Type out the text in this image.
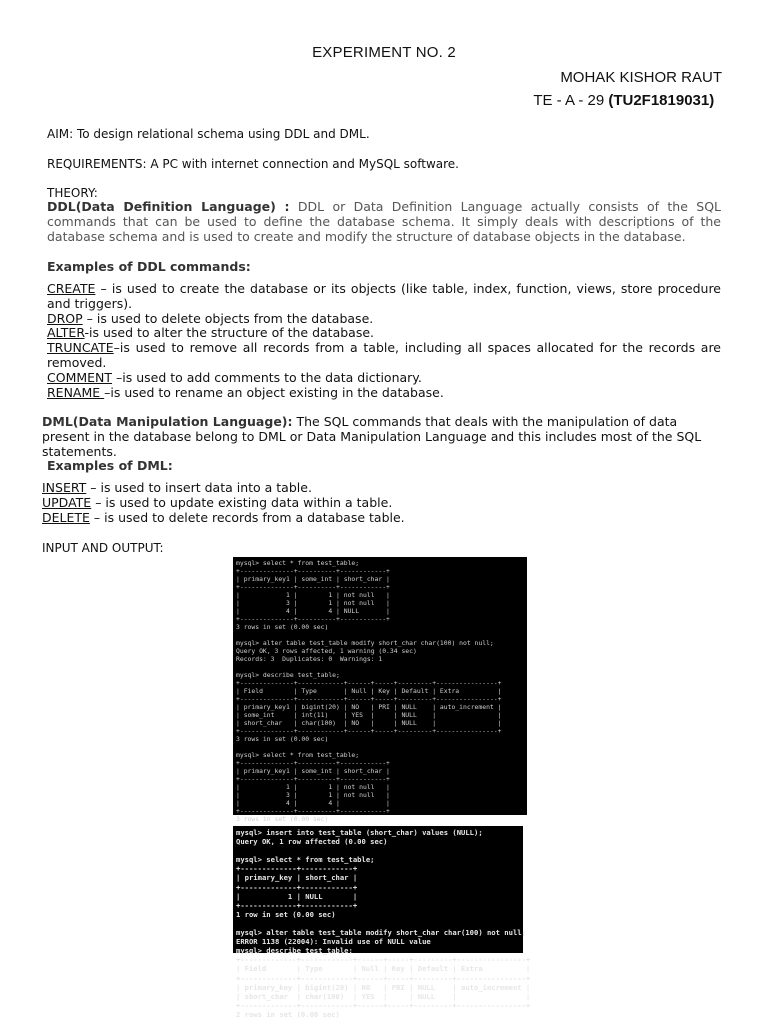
EXPERIMENT NO. 2
MOHAK KISHOR RAUT
TE - A - 29 (TU2F1819031)
AIM: To design relational schema using DDL and DML.
REQUIREMENTS: A PC with internet connection and MySQL software.
THEORY:
DDL(Data Definition Language) : DDL or Data Definition Language actually consists of the SQL commands that can be used to define the database schema. It simply deals with descriptions of the database schema and is used to create and modify the structure of database objects in the database.
Examples of DDL commands:
CREATE – is used to create the database or its objects (like table, index, function, views, store procedure and triggers).
DROP – is used to delete objects from the database.
ALTER-is used to alter the structure of the database.
TRUNCATE–is used to remove all records from a table, including all spaces allocated for the records are removed.
COMMENT –is used to add comments to the data dictionary.
RENAME –is used to rename an object existing in the database.
DML(Data Manipulation Language): The SQL commands that deals with the manipulation of data present in the database belong to DML or Data Manipulation Language and this includes most of the SQL statements.
Examples of DML:
INSERT – is used to insert data into a table.
UPDATE – is used to update existing data within a table.
DELETE – is used to delete records from a database table.
INPUT AND OUTPUT:
mysql> select * from test_table;
+--------------+----------+------------+
| primary_key1 | some_int | short_char |
+--------------+----------+------------+
|            1 |        1 | not null   |
|            3 |        1 | not null   |
|            4 |        4 | NULL       |
+--------------+----------+------------+
3 rows in set (0.00 sec)
mysql> alter table test_table modify short_char char(100) not null;
Query OK, 3 rows affected, 1 warning (0.34 sec)
Records: 3  Duplicates: 0  Warnings: 1
mysql> describe test_table;
+--------------+------------+------+-----+---------+----------------+
| Field        | Type       | Null | Key | Default | Extra          |
+--------------+------------+------+-----+---------+----------------+
| primary_key1 | bigint(20) | NO   | PRI | NULL    | auto_increment |
| some_int     | int(11)    | YES  |     | NULL    |                |
| short_char   | char(100)  | NO   |     | NULL    |                |
+--------------+------------+------+-----+---------+----------------+
3 rows in set (0.00 sec)
mysql> select * from test_table;
+--------------+----------+------------+
| primary_key1 | some_int | short_char |
+--------------+----------+------------+
|            1 |        1 | not null   |
|            3 |        1 | not null   |
|            4 |        4 |            |
+--------------+----------+------------+
3 rows in set (0.00 sec)
mysql> insert into test_table (short_char) values (NULL);
Query OK, 1 row affected (0.00 sec)
mysql> select * from test_table;
+-------------+------------+
| primary_key | short_char |
+-------------+------------+
|           1 | NULL       |
+-------------+------------+
1 row in set (0.00 sec)
mysql> alter table test_table modify short_char char(100) not null;
ERROR 1138 (22004): Invalid use of NULL value
mysql> describe test_table;
+-------------+------------+------+-----+---------+----------------+
| Field       | Type       | Null | Key | Default | Extra          |
+-------------+------------+------+-----+---------+----------------+
| primary_key | bigint(20) | NO   | PRI | NULL    | auto_increment |
| short_char  | char(100)  | YES  |     | NULL    |                |
+-------------+------------+------+-----+---------+----------------+
2 rows in set (0.00 sec)
